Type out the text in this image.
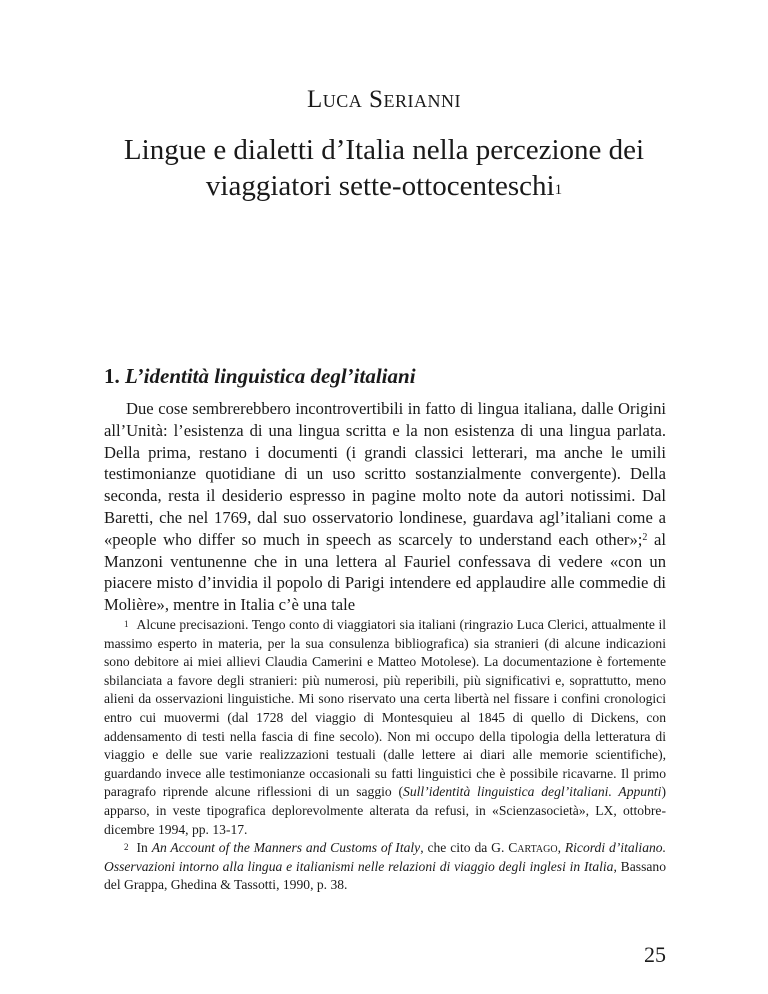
Luca Serianni
Lingue e dialetti d’Italia nella percezione dei viaggiatori sette-ottocenteschi$^1$
1. L’identità linguistica degl’italiani

Due cose sembrerebbero incontrovertibili in fatto di lingua italiana, dalle Origini all’Unità: l’esistenza di una lingua scritta e la non esistenza di una lingua parlata. Della prima, restano i documenti (i grandi classici letterari, ma anche le umili testimonianze quotidiane di un uso scritto sostanzialmente convergente). Della seconda, resta il desiderio espresso in pagine molto note da autori notissimi. Dal Baretti, che nel 1769, dal suo osservatorio londinese, guardava agl’italiani come a «people who differ so much in speech as scarcely to understand each other»;$^2$ al Manzoni ventunenne che in una lettera al Fauriel confessava di vedere «con un piacere misto d’invidia il popolo di Parigi intendere ed applaudire alle commedie di Molière», mentre in Italia c’è una tale

$^1$ Alcune precisazioni. Tengo conto di viaggiatori sia italiani (ringrazio Luca Clerici, attualmente il massimo esperto in materia, per la sua consulenza bibliografica) sia stranieri (di alcune indicazioni sono debitore ai miei allievi Claudia Camerini e Matteo Motolese). La documentazione è fortemente sbilanciata a favore degli stranieri: più numerosi, più reperibili, più significativi e, soprattutto, meno alieni da osservazioni linguistiche. Mi sono riservato una certa libertà nel fissare i confini cronologici entro cui muovermi (dal 1728 del viaggio di Montesquieu al 1845 di quello di Dickens, con addensamento di testi nella fascia di fine secolo). Non mi occupo della tipologia della letteratura di viaggio e delle sue varie realizzazioni testuali (dalle lettere ai diari alle memorie scientifiche), guardando invece alle testimonianze occasionali su fatti linguistici che è possibile ricavarne. Il primo paragrafo riprende alcune riflessioni di un saggio (Sull’identità linguistica degl’italiani. Appunti) apparso, in veste tipografica deplorevolmente alterata da refusi, in «Scienzasocietà», LX, ottobre-dicembre 1994, pp. 13-17.

$^2$ In An Account of the Manners and Customs of Italy, che cito da G. Cartago, Ricordi d’italiano. Osservazioni intorno alla lingua e italianismi nelle relazioni di viaggio degli inglesi in Italia, Bassano del Grappa, Ghedina & Tassotti, 1990, p. 38.

25
